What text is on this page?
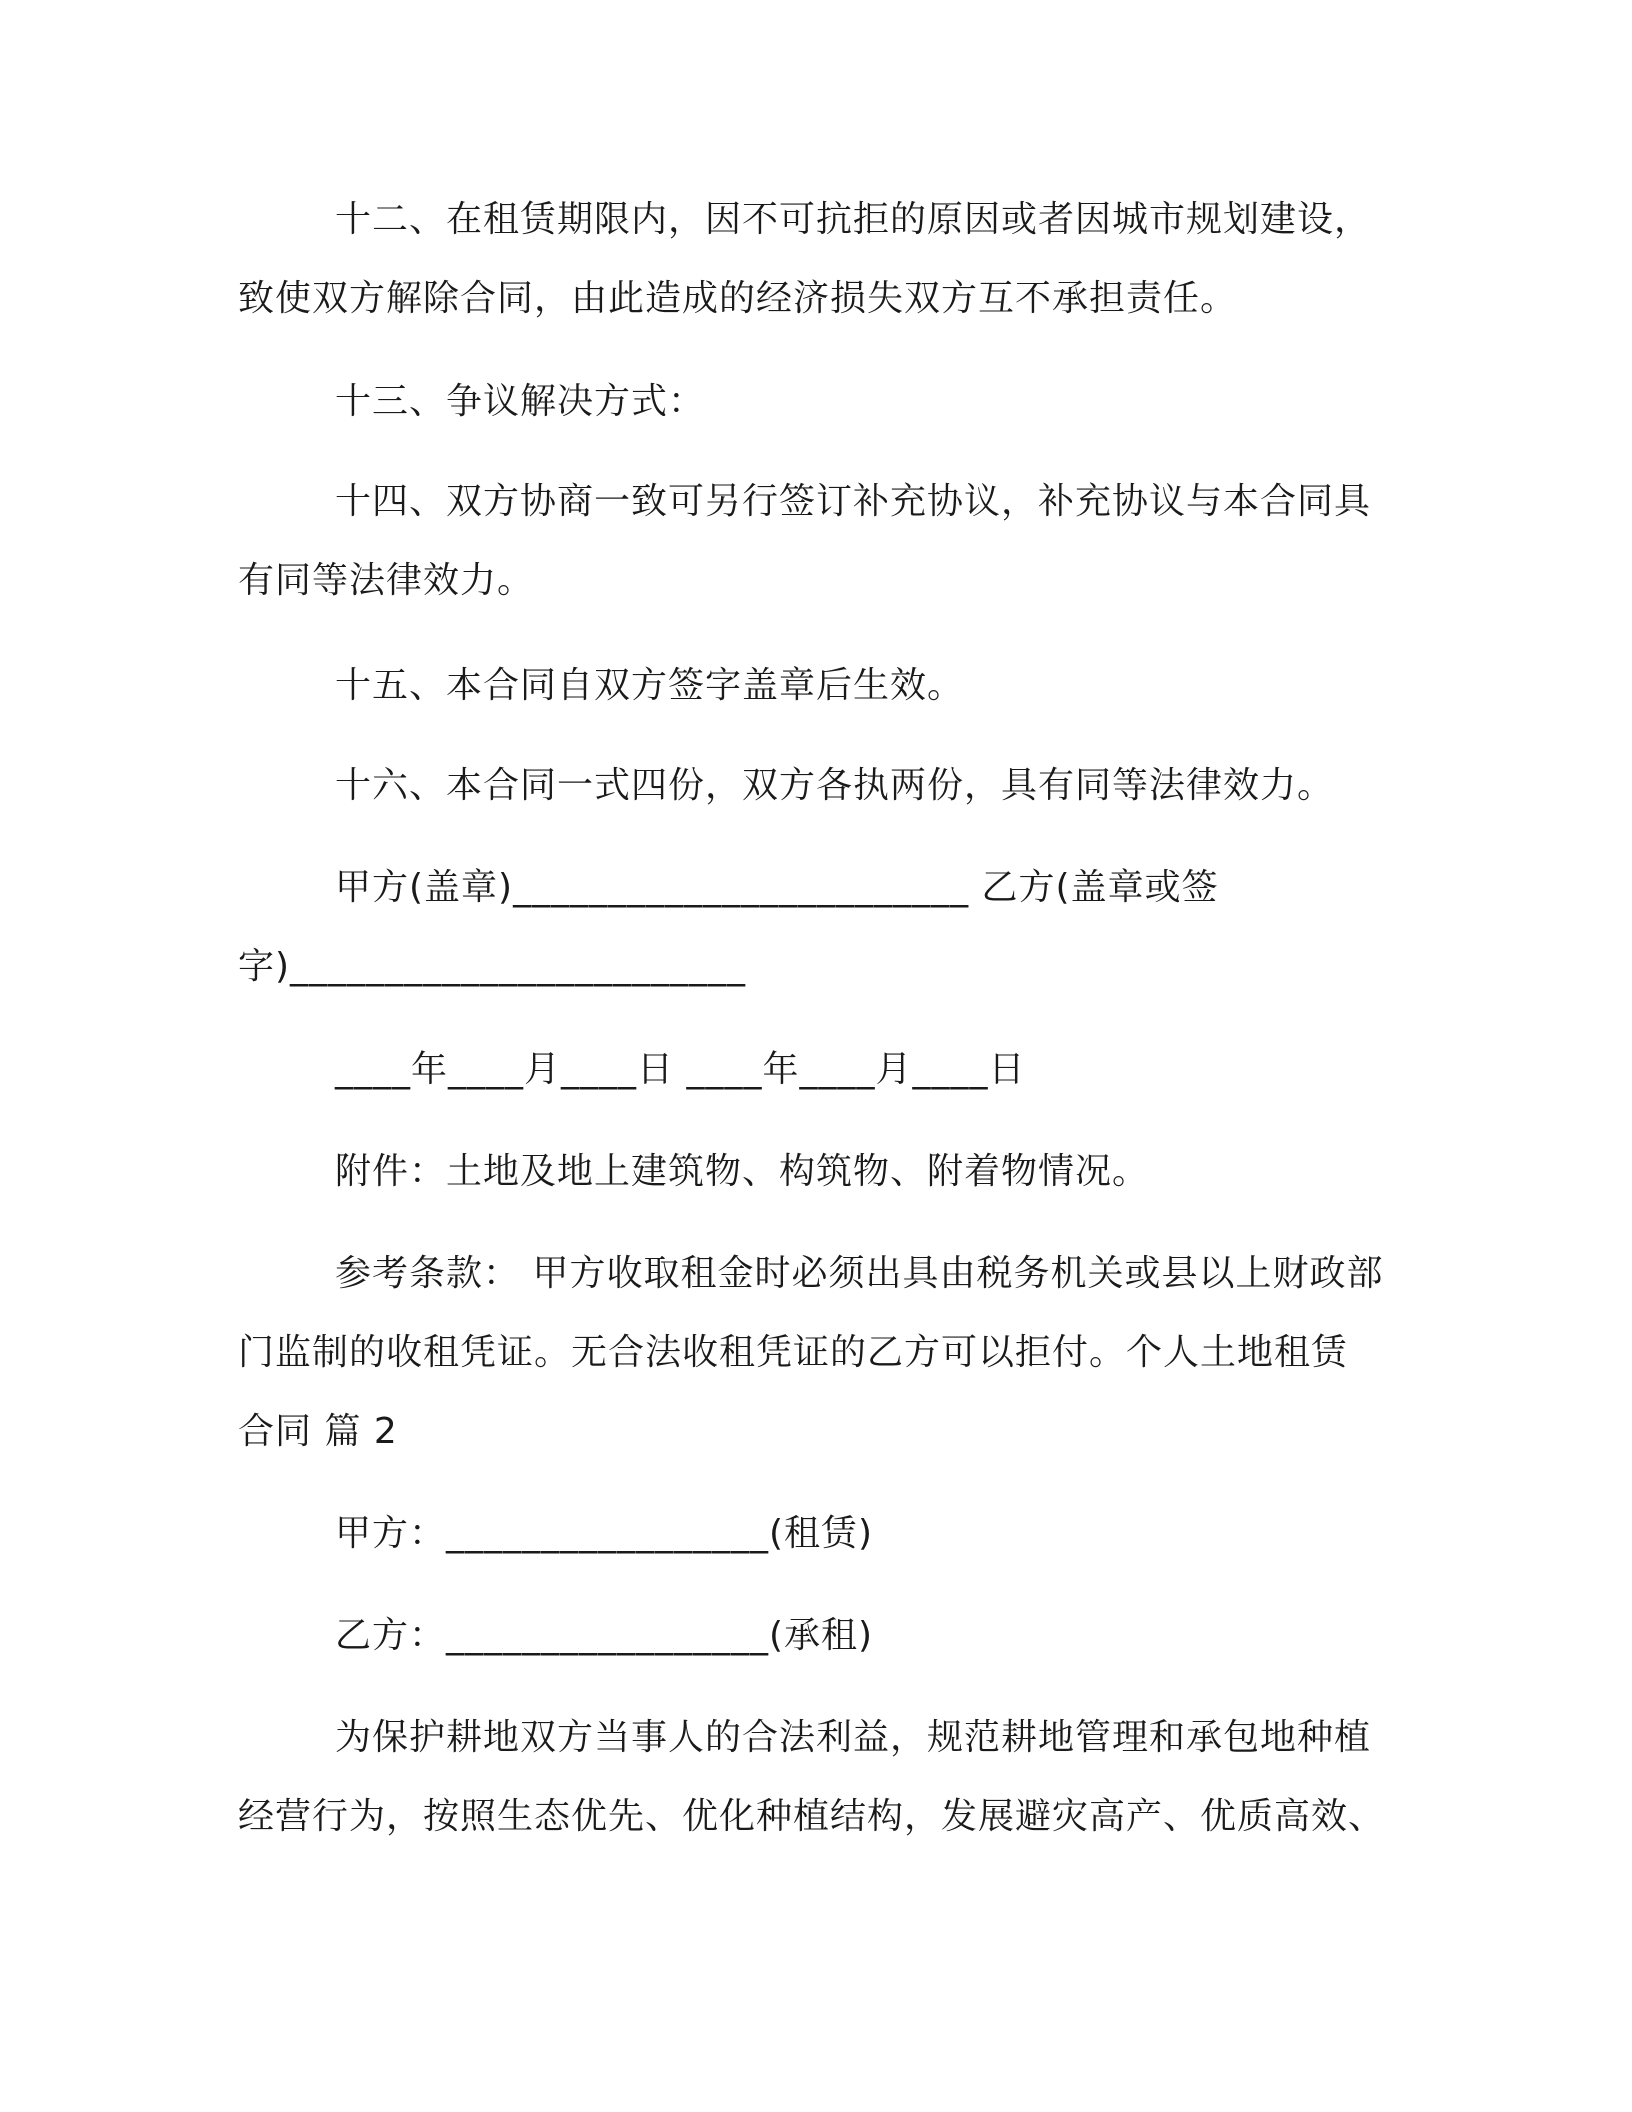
十二、在租赁期限内，因不可抗拒的原因或者因城市规划建设，
致使双方解除合同，由此造成的经济损失双方互不承担责任。

十三、争议解决方式：

十四、双方协商一致可另行签订补充协议，补充协议与本合同具
有同等法律效力。

十五、本合同自双方签字盖章后生效。

十六、本合同一式四份，双方各执两份，具有同等法律效力。

甲方(盖章)________________________ 乙方(盖章或签
字)________________________

____年____月____日 ____年____月____日

附件：土地及地上建筑物、构筑物、附着物情况。

参考条款： 甲方收取租金时必须出具由税务机关或县以上财政部
门监制的收租凭证。无合法收租凭证的乙方可以拒付。个人土地租赁
合同 篇 2

甲方：_________________(租赁)

乙方：_________________(承租)

为保护耕地双方当事人的合法利益，规范耕地管理和承包地种植
经营行为，按照生态优先、优化种植结构，发展避灾高产、优质高效、
